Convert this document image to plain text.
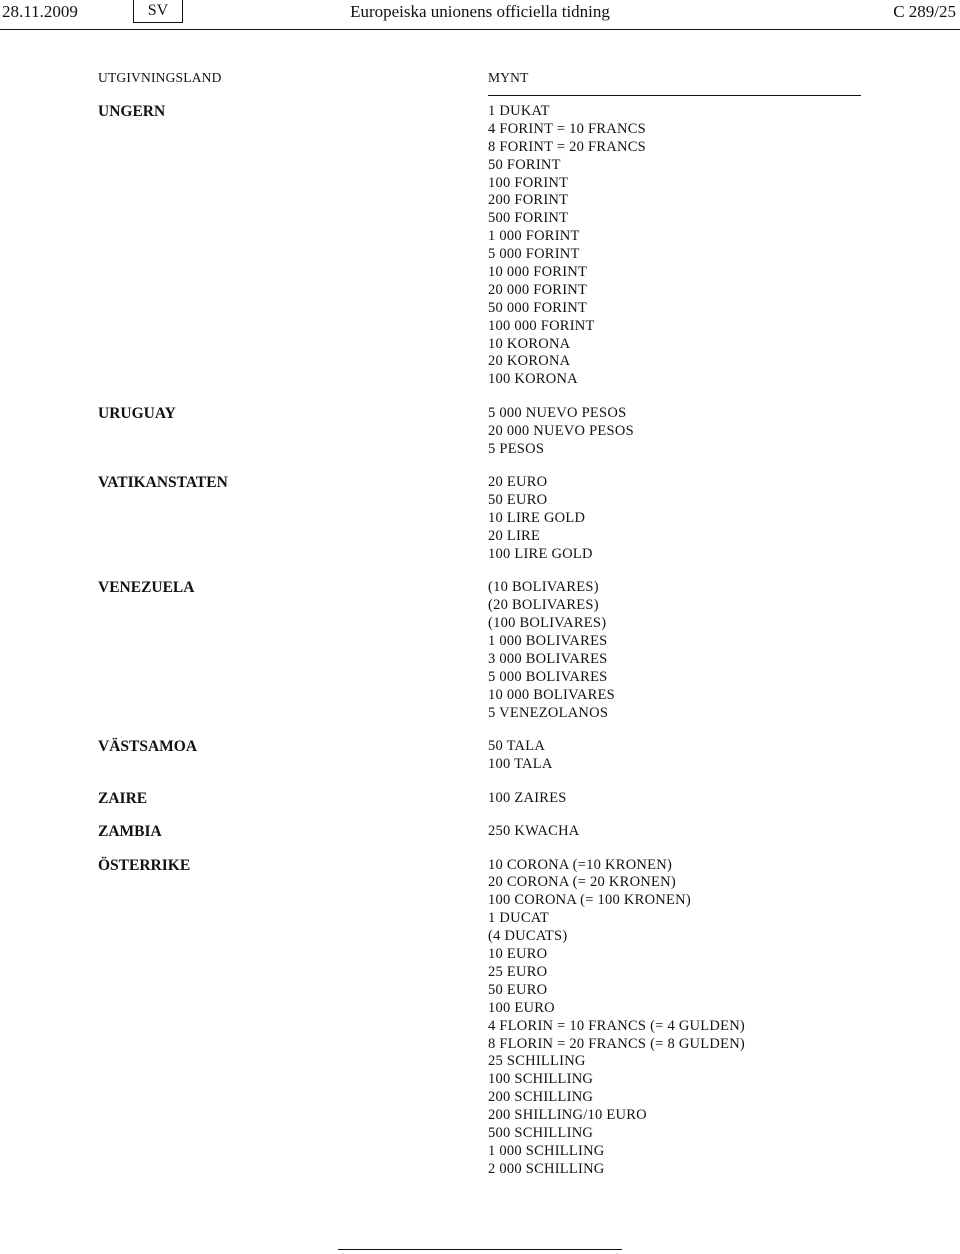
28.11.2009	Europeiska unionens officiella tidning
SV	C 289/25
UTGIVNINGSLAND	MYNT
UNGERN	1 DUKAT
4 FORINT = 10 FRANCS
8 FORINT = 20 FRANCS
50 FORINT
100 FORINT
200 FORINT
500 FORINT
1 000 FORINT
5 000 FORINT
10 000 FORINT
20 000 FORINT
50 000 FORINT
100 000 FORINT
10 KORONA
20 KORONA
100 KORONA
URUGUAY	5 000 NUEVO PESOS
20 000 NUEVO PESOS
5 PESOS
VATIKANSTATEN	20 EURO
50 EURO
10 LIRE GOLD
20 LIRE
100 LIRE GOLD
VENEZUELA	(10 BOLIVARES)
(20 BOLIVARES)
(100 BOLIVARES)
1 000 BOLIVARES
3 000 BOLIVARES
5 000 BOLIVARES
10 000 BOLIVARES
5 VENEZOLANOS
VÄSTSAMOA	50 TALA
100 TALA
ZAIRE	100 ZAIRES
ZAMBIA	250 KWACHA
ÖSTERRIKE	10 CORONA (=10 KRONEN)
20 CORONA (= 20 KRONEN)
100 CORONA (= 100 KRONEN)
1 DUCAT
(4 DUCATS)
10 EURO
25 EURO
50 EURO
100 EURO
4 FLORIN = 10 FRANCS (= 4 GULDEN)
8 FLORIN = 20 FRANCS (= 8 GULDEN)
25 SCHILLING
100 SCHILLING
200 SCHILLING
200 SHILLING/10 EURO
500 SCHILLING
1 000 SCHILLING
2 000 SCHILLING
